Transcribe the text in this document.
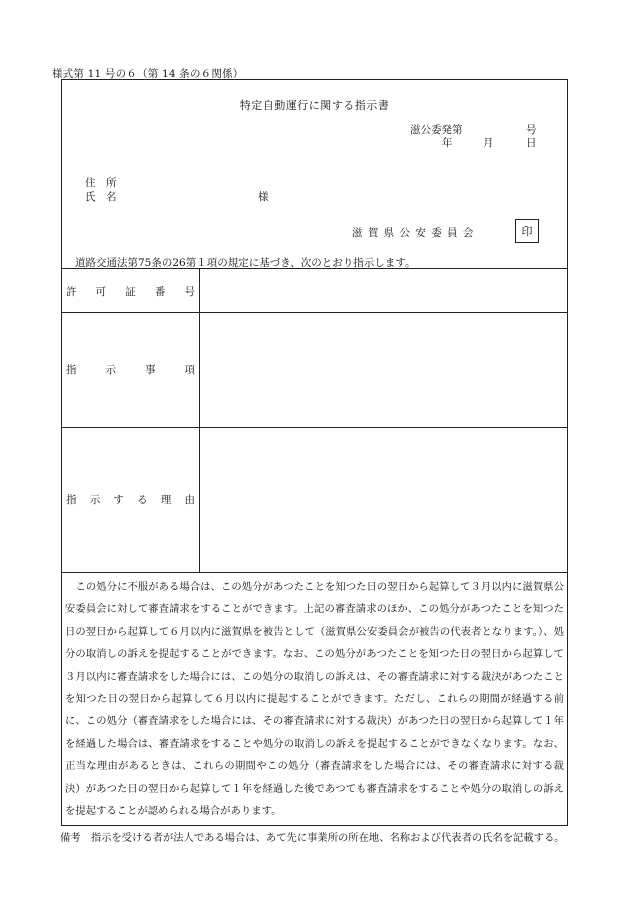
様式第 11 号の６（第 14 条の６関係）
特定自動運行に関する指示書
滋公委発第	号
年	月	日
住　所
氏　名	様
滋 賀 県 公 安 委 員 会	印
道路交通法第75条の26第１項の規定に基づき、次のとおり指示します。
許 可 証 番 号
指	示	事	項
指 示 す る 理 由
この処分に不服がある場合は、この処分があつたことを知つた日の翌日から起算して３月以内に滋賀県公安委員会に対して審査請求をすることができます。上記の審査請求のほか、この処分があつたことを知つた日の翌日から起算して６月以内に滋賀県を被告として（滋賀県公安委員会が被告の代表者となります。）、処分の取消しの訴えを提起することができます。なお、この処分があつたことを知つた日の翌日から起算して３月以内に審査請求をした場合には、この処分の取消しの訴えは、その審査請求に対する裁決があつたことを知つた日の翌日から起算して６月以内に提起することができます。ただし、これらの期間が経過する前に、この処分（審査請求をした場合には、その審査請求に対する裁決）があつた日の翌日から起算して１年を経過した場合は、審査請求をすることや処分の取消しの訴えを提起することができなくなります。なお、正当な理由があるときは、これらの期間やこの処分（審査請求をした場合には、その審査請求に対する裁決）があつた日の翌日から起算して１年を経過した後であつても審査請求をすることや処分の取消しの訴えを提起することが認められる場合があります。
備考　指示を受ける者が法人である場合は、あて先に事業所の所在地、名称および代表者の氏名を記載する。
